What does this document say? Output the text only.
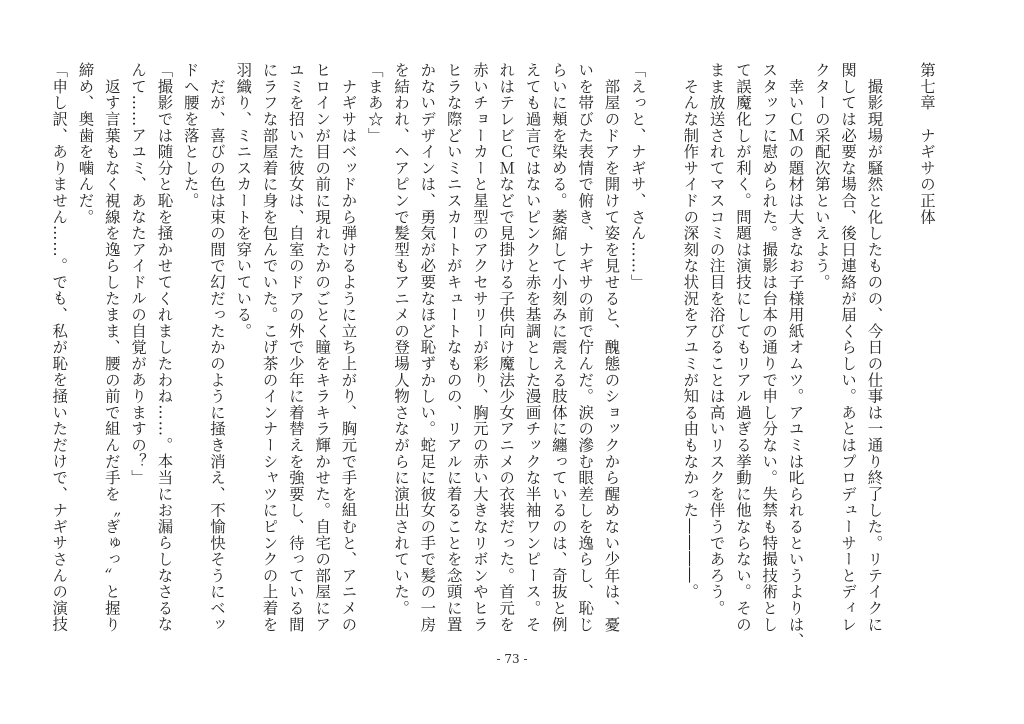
第七章　ナギサの正体
　撮影現場が騒然と化したものの、今日の仕事は一通り終了した。リテイクに
関しては必要な場合、後日連絡が届くらしい。あとはプロデューサーとディレ
クターの采配次第といえよう。
　幸いＣＭの題材は大きなお子様用紙オムツ。アユミは叱られるというよりは、
スタッフに慰められた。撮影は台本の通りで申し分ない。失禁も特撮技術とし
て誤魔化しが利く。問題は演技にしてもリアル過ぎる挙動に他ならない。その
まま放送されてマスコミの注目を浴びることは高いリスクを伴うであろう。
　そんな制作サイドの深刻な状況をアユミが知る由もなかった――――。
「えっと、ナギサ、さん……」
　部屋のドアを開けて姿を見せると、醜態のショックから醒めない少年は、憂
いを帯びた表情で俯き、ナギサの前で佇んだ。涙の滲む眼差しを逸らし、恥じ
らいに頬を染める。萎縮して小刻みに震える肢体に纏っているのは、奇抜と例
えても過言ではないピンクと赤を基調とした漫画チックな半袖ワンピース。そ
れはテレビＣＭなどで見掛ける子供向け魔法少女アニメの衣装だった。首元を
赤いチョーカーと星型のアクセサリーが彩り、胸元の赤い大きなリボンやヒラ
ヒラな際どいミニスカートがキュートなものの、リアルに着ることを念頭に置
かないデザインは、勇気が必要なほど恥ずかしい。蛇足に彼女の手で髪の一房
を結われ、ヘアピンで髪型もアニメの登場人物さながらに演出されていた。
「まあ☆」
　ナギサはベッドから弾けるように立ち上がり、胸元で手を組むと、アニメの
ヒロインが目の前に現れたかのごとく瞳をキラキラ輝かせた。自宅の部屋にア
ユミを招いた彼女は、自室のドアの外で少年に着替えを強要し、待っている間
にラフな部屋着に身を包んでいた。こげ茶のインナーシャツにピンクの上着を
羽織り、ミニスカートを穿いている。
　だが、喜びの色は束の間で幻だったかのように掻き消え、不愉快そうにベッ
ドへ腰を落とした。
「撮影では随分と恥を掻かせてくれましたわね……。本当にお漏らしなさるな
んて……アユミ、あなたアイドルの自覚がありますの？」
　返す言葉もなく視線を逸らしたまま、腰の前で組んだ手を〝ぎゅっ〟と握り
締め、奥歯を噛んだ。
「申し訳、ありません……。でも、私が恥を掻いただけで、ナギサさんの演技
- 73 -
